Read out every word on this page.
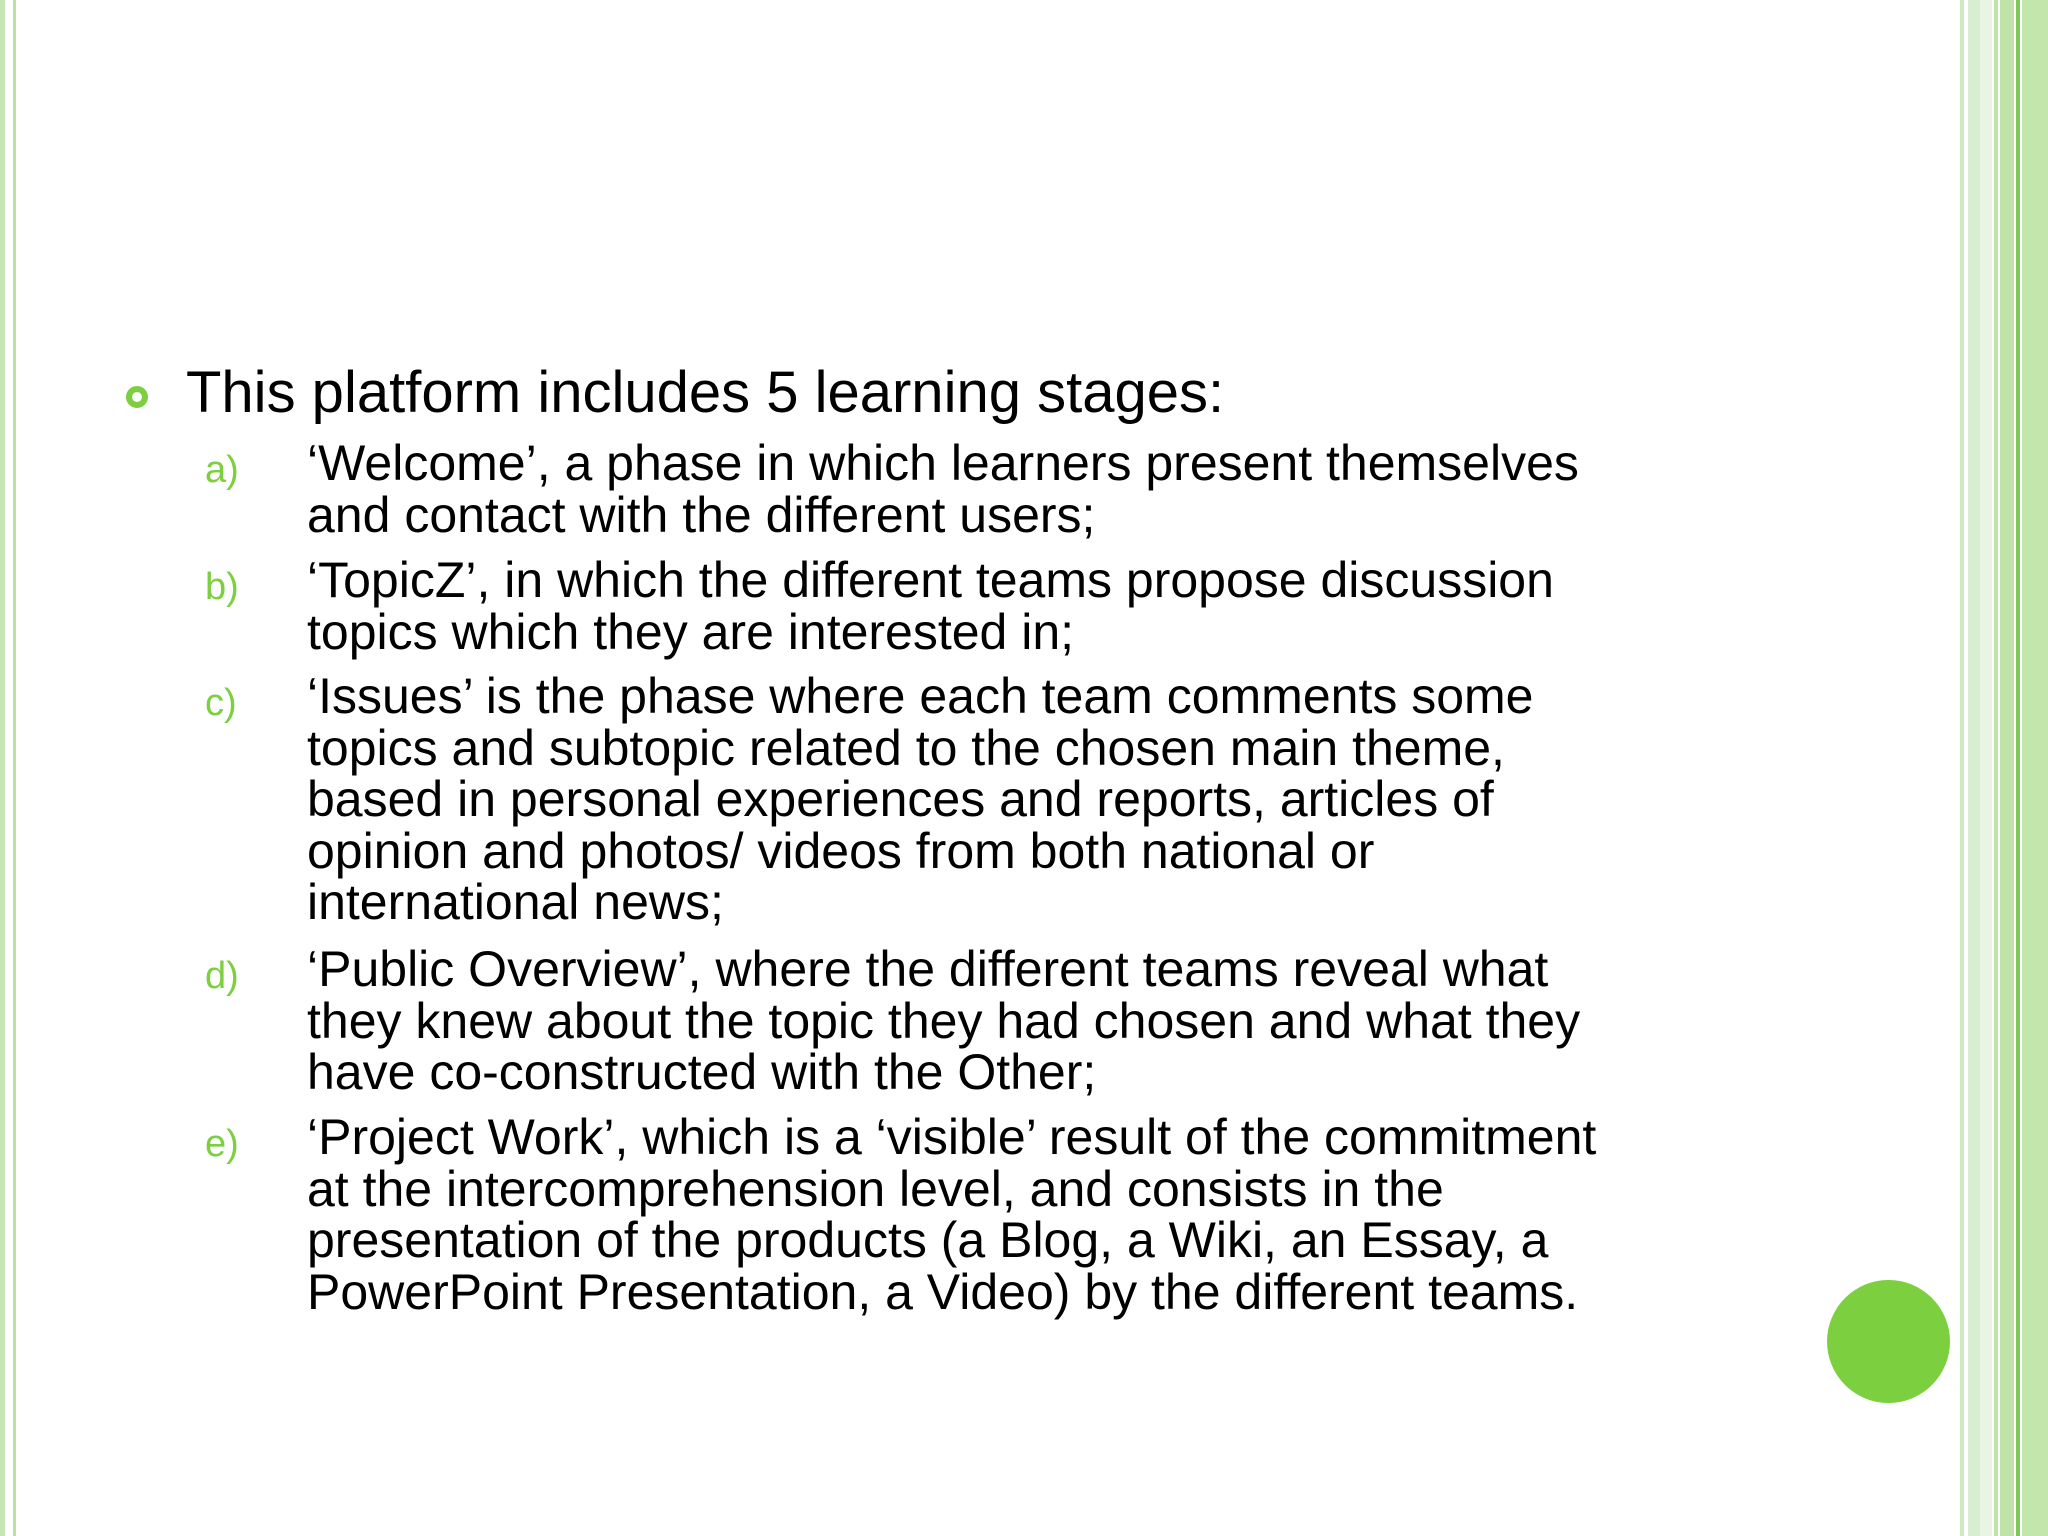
This platform includes 5 learning stages:
a) ‘Welcome’, a phase in which learners present themselves
and contact with the different users;

b) ‘TopicZ’, in which the different teams propose discussion
topics which they are interested in;

c) ‘Issues’ is the phase where each team comments some
topics and subtopic related to the chosen main theme,
based in personal experiences and reports, articles of
opinion and photos/ videos from both national or
international news;

d) ‘Public Overview’, where the different teams reveal what
they knew about the topic they had chosen and what they
have co-constructed with the Other;

e) ‘Project Work’, which is a ‘visible’ result of the commitment
at the intercomprehension level, and consists in the
presentation of the products (a Blog, a Wiki, an Essay, a
PowerPoint Presentation, a Video) by the different teams.
